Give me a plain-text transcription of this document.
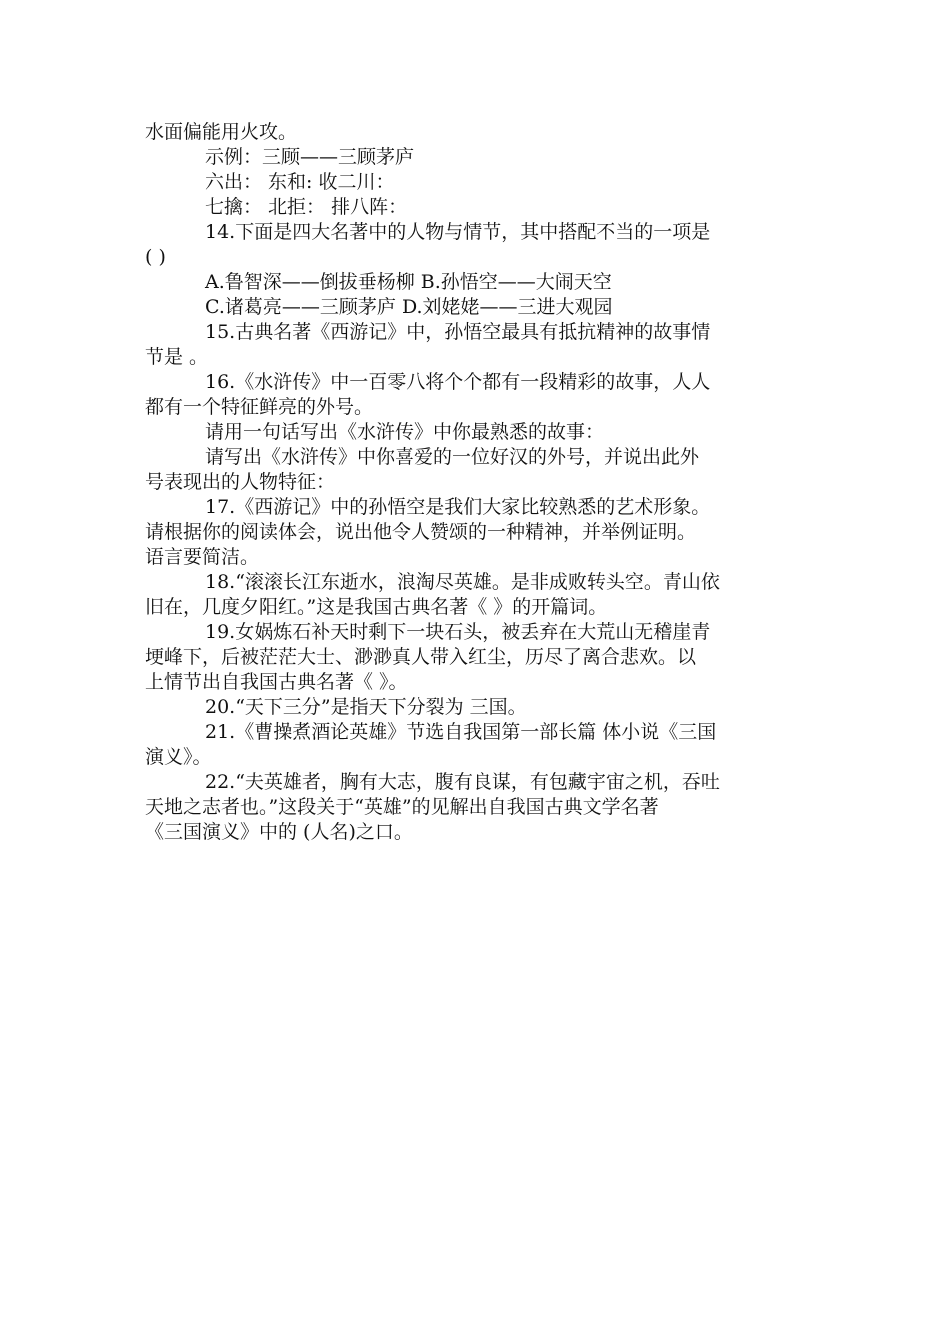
水面偏能用火攻。

示例：三顾——三顾茅庐

六出： 东和: 收二川：

七擒： 北拒： 排八阵：

14.下面是四大名著中的人物与情节，其中搭配不当的一项是

( )

A.鲁智深——倒拔垂杨柳 B.孙悟空——大闹天空

C.诸葛亮——三顾茅庐 D.刘姥姥——三进大观园

15.古典名著《西游记》中，孙悟空最具有抵抗精神的故事情

节是 。

16.《水浒传》中一百零八将个个都有一段精彩的故事，人人

都有一个特征鲜亮的外号。

请用一句话写出《水浒传》中你最熟悉的故事：

请写出《水浒传》中你喜爱的一位好汉的外号，并说出此外

号表现出的人物特征：

17.《西游记》中的孙悟空是我们大家比较熟悉的艺术形象。

请根据你的阅读体会，说出他令人赞颂的一种精神，并举例证明。

语言要简洁。

18.“滚滚长江东逝水，浪淘尽英雄。是非成败转头空。青山依

旧在，几度夕阳红。”这是我国古典名著《 》的开篇词。

19.女娲炼石补天时剩下一块石头，被丢弃在大荒山无稽崖青

埂峰下，后被茫茫大士、渺渺真人带入红尘，历尽了离合悲欢。以

上情节出自我国古典名著《 》。

20.“天下三分”是指天下分裂为 三国。

21.《曹操煮酒论英雄》节选自我国第一部长篇 体小说《三国

演义》。

22.“夫英雄者，胸有大志，腹有良谋，有包藏宇宙之机，吞吐

天地之志者也。”这段关于“英雄”的见解出自我国古典文学名著

《三国演义》中的 (人名)之口。
